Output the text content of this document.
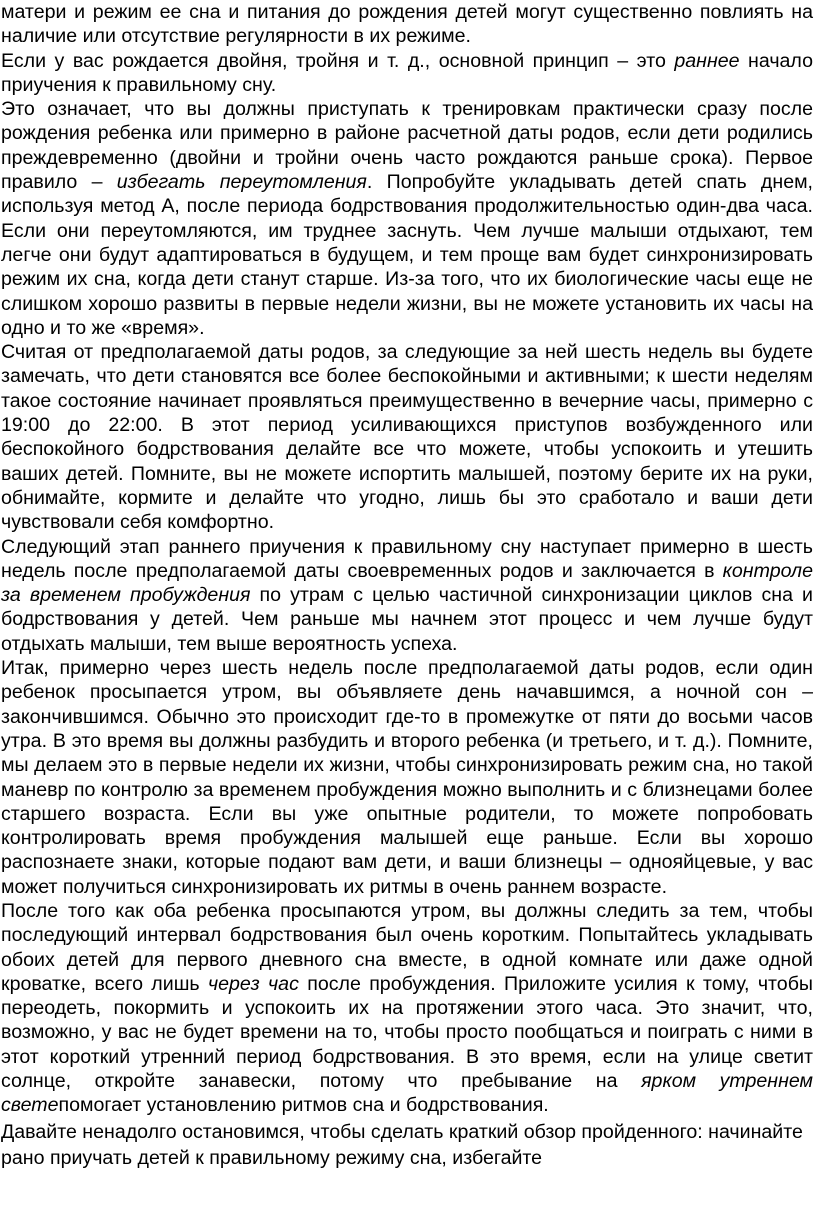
матери и режим ее сна и питания до рождения детей могут существенно повлиять на наличие или отсутствие регулярности в их режиме.

Если у вас рождается двойня, тройня и т. д., основной принцип – это раннее начало приучения к правильному сну.

Это означает, что вы должны приступать к тренировкам практически сразу после рождения ребенка или примерно в районе расчетной даты родов, если дети родились преждевременно (двойни и тройни очень часто рождаются раньше срока). Первое правило – избегать переутомления. Попробуйте укладывать детей спать днем, используя метод А, после периода бодрствования продолжительностью один-два часа. Если они переутомляются, им труднее заснуть. Чем лучше малыши отдыхают, тем легче они будут адаптироваться в будущем, и тем проще вам будет синхронизировать режим их сна, когда дети станут старше. Из-за того, что их биологические часы еще не слишком хорошо развиты в первые недели жизни, вы не можете установить их часы на одно и то же «время».

Считая от предполагаемой даты родов, за следующие за ней шесть недель вы будете замечать, что дети становятся все более беспокойными и активными; к шести неделям такое состояние начинает проявляться преимущественно в вечерние часы, примерно с 19:00 до 22:00. В этот период усиливающихся приступов возбужденного или беспокойного бодрствования делайте все что можете, чтобы успокоить и утешить ваших детей. Помните, вы не можете испортить малышей, поэтому берите их на руки, обнимайте, кормите и делайте что угодно, лишь бы это сработало и ваши дети чувствовали себя комфортно.

Следующий этап раннего приучения к правильному сну наступает примерно в шесть недель после предполагаемой даты своевременных родов и заключается в контроле за временем пробуждения по утрам с целью частичной синхронизации циклов сна и бодрствования у детей. Чем раньше мы начнем этот процесс и чем лучше будут отдыхать малыши, тем выше вероятность успеха.

Итак, примерно через шесть недель после предполагаемой даты родов, если один ребенок просыпается утром, вы объявляете день начавшимся, а ночной сон – закончившимся. Обычно это происходит где-то в промежутке от пяти до восьми часов утра. В это время вы должны разбудить и второго ребенка (и третьего, и т. д.). Помните, мы делаем это в первые недели их жизни, чтобы синхронизировать режим сна, но такой маневр по контролю за временем пробуждения можно выполнить и с близнецами более старшего возраста. Если вы уже опытные родители, то можете попробовать контролировать время пробуждения малышей еще раньше. Если вы хорошо распознаете знаки, которые подают вам дети, и ваши близнецы – однояйцевые, у вас может получиться синхронизировать их ритмы в очень раннем возрасте.

После того как оба ребенка просыпаются утром, вы должны следить за тем, чтобы последующий интервал бодрствования был очень коротким. Попытайтесь укладывать обоих детей для первого дневного сна вместе, в одной комнате или даже одной кроватке, всего лишь через час после пробуждения. Приложите усилия к тому, чтобы переодеть, покормить и успокоить их на протяжении этого часа. Это значит, что, возможно, у вас не будет времени на то, чтобы просто пообщаться и поиграть с ними в этот короткий утренний период бодрствования. В это время, если на улице светит солнце, откройте занавески, потому что пребывание на ярком утреннем светепомогает установлению ритмов сна и бодрствования.

Давайте ненадолго остановимся, чтобы сделать краткий обзор пройденного: начинайте рано приучать детей к правильному режиму сна, избегайте
